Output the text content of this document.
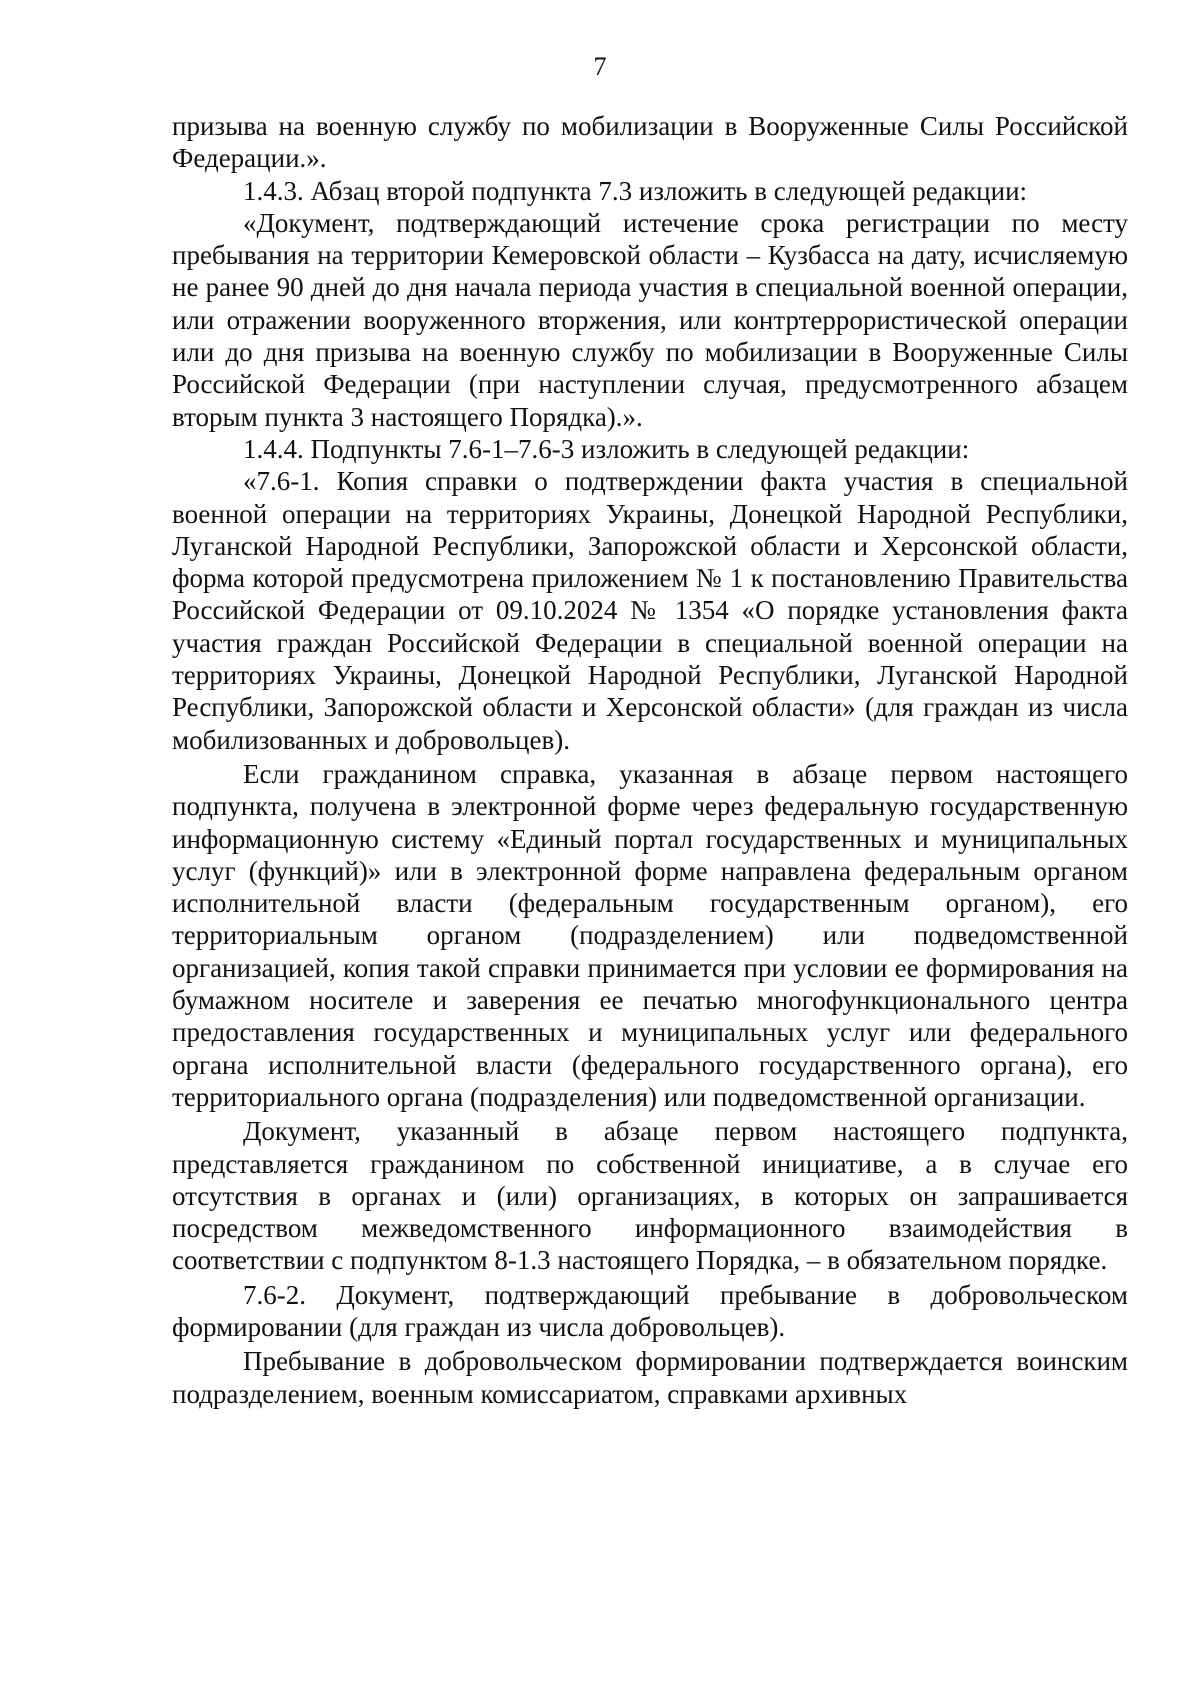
7

призыва на военную службу по мобилизации в Вооруженные Силы Российской Федерации.».

1.4.3. Абзац второй подпункта 7.3 изложить в следующей редакции:

«Документ, подтверждающий истечение срока регистрации по месту пребывания на территории Кемеровской области – Кузбасса на дату, исчисляемую не ранее 90 дней до дня начала периода участия в специальной военной операции, или отражении вооруженного вторжения, или контртеррористической операции или до дня призыва на военную службу по мобилизации в Вооруженные Силы Российской Федерации (при наступлении случая, предусмотренного абзацем вторым пункта 3 настоящего Порядка).».

1.4.4. Подпункты 7.6-1–7.6-3 изложить в следующей редакции:

«7.6-1. Копия справки о подтверждении факта участия в специальной военной операции на территориях Украины, Донецкой Народной Республики, Луганской Народной Республики, Запорожской области и Херсонской области, форма которой предусмотрена приложением № 1 к постановлению Правительства Российской Федерации от 09.10.2024 № 1354 «О порядке установления факта участия граждан Российской Федерации в специальной военной операции на территориях Украины, Донецкой Народной Республики, Луганской Народной Республики, Запорожской области и Херсонской области» (для граждан из числа мобилизованных и добровольцев).

Если гражданином справка, указанная в абзаце первом настоящего подпункта, получена в электронной форме через федеральную государственную информационную систему «Единый портал государственных и муниципальных услуг (функций)» или в электронной форме направлена федеральным органом исполнительной власти (федеральным государственным органом), его территориальным органом (подразделением) или подведомственной организацией, копия такой справки принимается при условии ее формирования на бумажном носителе и заверения ее печатью многофункционального центра предоставления государственных и муниципальных услуг или федерального органа исполнительной власти (федерального государственного органа), его территориального органа (подразделения) или подведомственной организации.

Документ, указанный в абзаце первом настоящего подпункта, представляется гражданином по собственной инициативе, а в случае его отсутствия в органах и (или) организациях, в которых он запрашивается посредством межведомственного информационного взаимодействия в соответствии с подпунктом 8-1.3 настоящего Порядка, – в обязательном порядке.

7.6-2. Документ, подтверждающий пребывание в добровольческом формировании (для граждан из числа добровольцев).

Пребывание в добровольческом формировании подтверждается воинским подразделением, военным комиссариатом, справками архивных
